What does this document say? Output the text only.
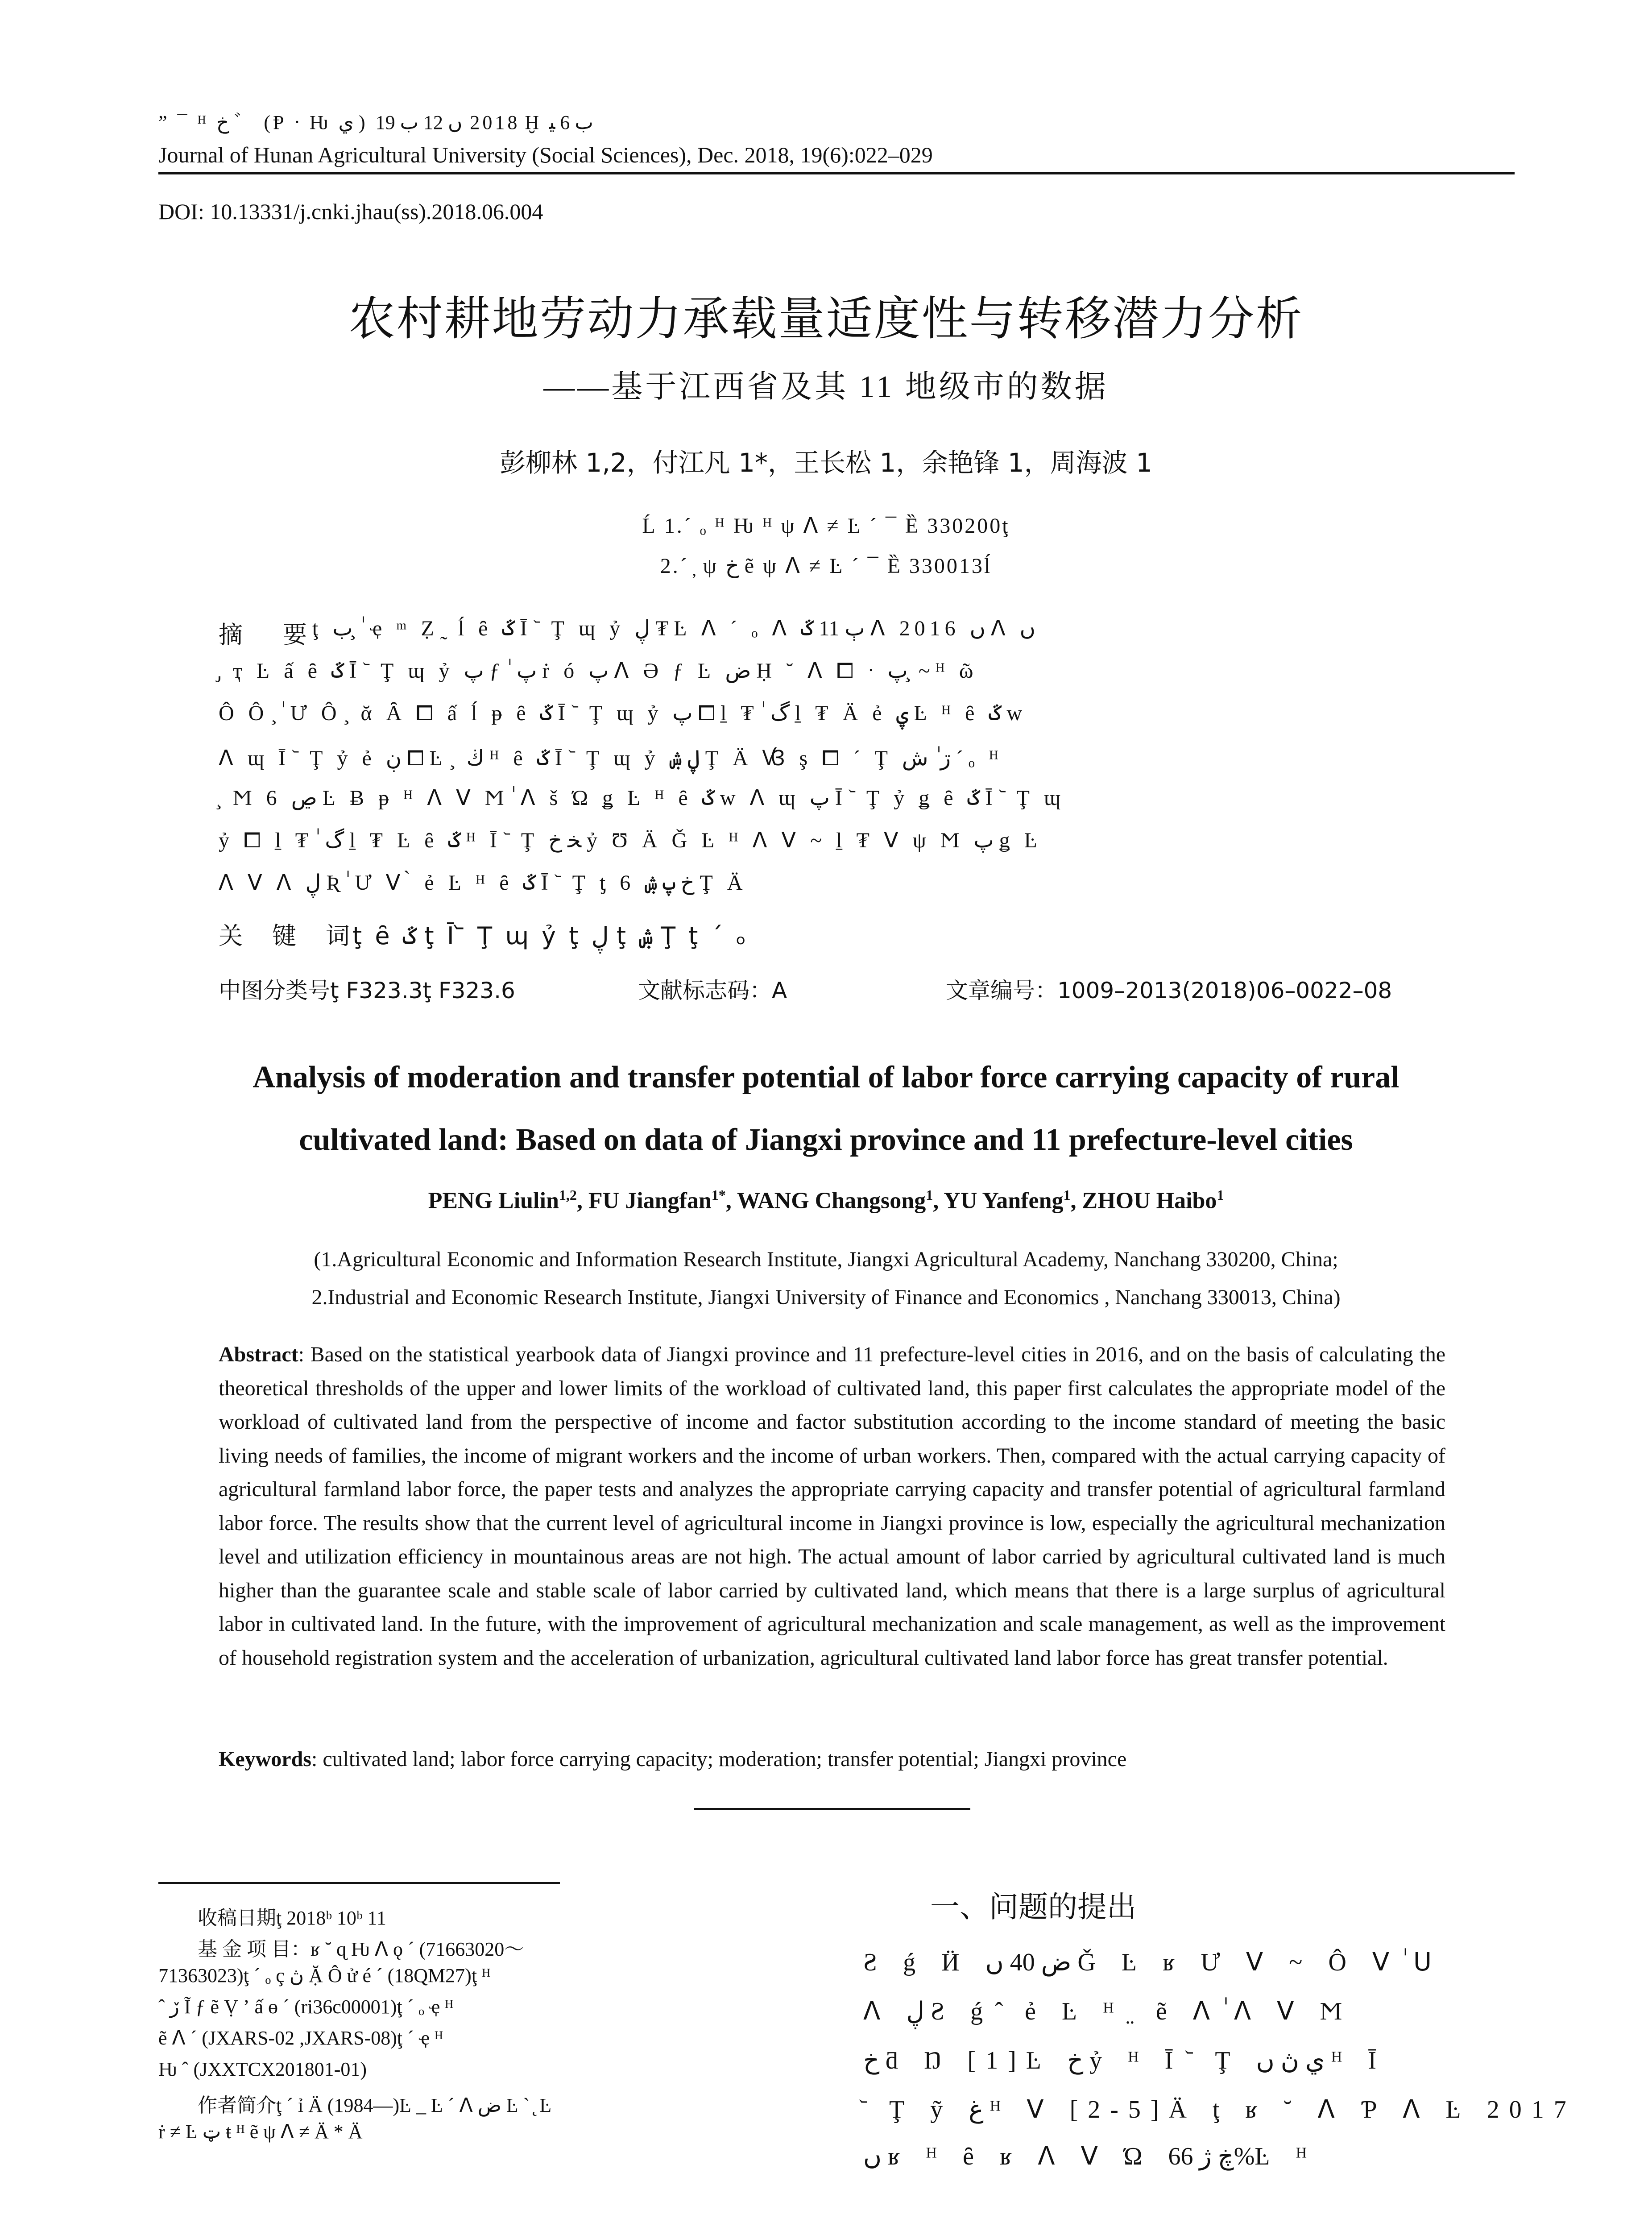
” ¯ ᴴ ﺥ ゛ (Ᵽ ᐧ Ƕ ي ) 2018 ں 12 ب 19 Ḫ ب 6 ﯿ
Journal of Hunan Agricultural University (Social Sciences), Dec. 2018, 19(6):022–029
DOI: 10.13331/j.cnki.jhau(ss).2018.06.004
农村耕地劳动力承载量适度性与转移潜力分析
——基于江西省及其 11 地级市的数据
彭柳林 1,2，付江凡 1*，王长松 1，余艳锋 1，周海波 1
Ĺ 1.´ ₒ ᴴ Ƕ ᴴ ψ ᐱ ≠ Ŀ ´ ¯ Ȅ 330200ţ
2.´ ̦ ψ ﺥ ẽ ψ ᐱ ≠ Ŀ ´ ¯ Ȅ 330013ĺ
摘　要
ţ ب ̧ ٰ ҿ ᵐ Ẓ ̰ ĺ ȇ ػ Ī ᷅ Ţ ɰ ỷ ڸ ₮ Ŀ ᐱ ´ ₒ ᐱ ٻ 11 ػ ᐱ 2016 ں ᐱ ں
̡ ҭ Ŀ ấ ȇ ػ Ī ᷅ Ţ ɰ ỷ پ ƒ ٰ پ ṙ ó پ ᐱ Ə ƒ Ŀ ض Ḥ ˘ ᐱ ⧠ ᐧ پ ̧ ~ ᴴ ῶ
Ô Ô ̧ ٰ Ư Ô ̧ ᾰ Ȃ ⧠ ấ ĺ ᵽ ȇ ػ Ī ᷅ Ţ ɰ ỷ پ ⧠ ḻ ₮ ٰ گ ḻ ₮ Ä ẻ ۑ Ŀ ᴴ ȇ ػ w
ᐱ ɰ Ī ᷅ Ţ ỷ ẻ ڹ ⧠ Ŀ ̧ ڬ ᴴ ȇ ػ Ī ᷅ Ţ ɰ ỷ ڸ ۺ Ţ Ä Ꟃ ş ⧠ ´ Ţ ڗ ٰ ش ´ ₒ ᴴ
̧ Ϻ 6 ڝ Ŀ Ƀ ᵽ ᴴ ᐱ ᐯ Ϻ ٰ ᐱ š Ώ ǥ Ŀ ᴴ ȇ ػ w ᐱ ɰ پ Ī ᷅ Ţ ỷ ǥ ȇ ػ Ī ᷅ Ţ ɰ
ỷ ⧠ ḻ ₮ ٰ گ ḻ ₮ Ŀ ȇ ػ ᴴ Ī ᷅ Ţ ﺨ ﺥ ỷ Ʊ Ä Ǧ Ŀ ᴴ ᐱ ᐯ ~ ḻ ₮ ᐯ ψ Ϻ پ ǥ Ŀ
ᐱ ᐯ ᐱ ڸ Ʀ ٰ Ư ᐯ ̀ ẻ Ŀ ᴴ ȇ ػ Ī ᷅ Ţ ƫ 6 ﺥ پ ۺ Ţ Ä
关　键　词ţ ȇ ػ ţ Ī ᷅ Ţ ɰ ỷ ţ ڸ ţ ۺ Ţ ţ ´ ₒ
中图分类号ţ F323.3ţ F323.6	文献标志码：A	文章编号：1009–2013(2018)06–0022–08
Analysis of moderation and transfer potential of labor force carrying capacity of rural
cultivated land: Based on data of Jiangxi province and 11 prefecture-level cities
PENG Liulin$^{1,2}$, FU Jiangfan$^{1*}$, WANG Changsong$^1$, YU Yanfeng$^1$, ZHOU Haibo$^1$
(1.Agricultural Economic and Information Research Institute, Jiangxi Agricultural Academy, Nanchang 330200, China;
2.Industrial and Economic Research Institute, Jiangxi University of Finance and Economics , Nanchang 330013, China)
Abstract: Based on the statistical yearbook data of Jiangxi province and 11 prefecture-level cities in 2016, and on the basis of calculating the theoretical thresholds of the upper and lower limits of the workload of cultivated land, this paper first calculates the appropriate model of the workload of cultivated land from the perspective of income and factor substitution according to the income standard of meeting the basic living needs of families, the income of migrant workers and the income of urban workers. Then, compared with the actual carrying capacity of agricultural farmland labor force, the paper tests and analyzes the appropriate carrying capacity and transfer potential of agricultural farmland labor force. The results show that the current level of agricultural income in Jiangxi province is low, especially the agricultural mechanization level and utilization efficiency in mountainous areas are not high. The actual amount of labor carried by agricultural cultivated land is much higher than the guarantee scale and stable scale of labor carried by cultivated land, which means that there is a large surplus of agricultural labor in cultivated land. In the future, with the improvement of agricultural mechanization and scale management, as well as the improvement of household registration system and the acceleration of urbanization, agricultural cultivated land labor force has great transfer potential.
Keywords: cultivated land; labor force carrying capacity; moderation; transfer potential; Jiangxi province
　　收稿日期ţ 2018ᵇ 10ᵇ 11
　　基 金 项 目：ʁ ˘ ɋ Ƕ ᐱ ǫ ´ (71663020～
71363023)ţ ´ ₒ ç ڽ Ặ Ô ử é ´ (18QM27)ţ ᴴ
ˆ ڒ Ĩ ƒ ẽ Ṿ ʼ ấ ɵ ´ (ri36c00001)ţ ´ ₒ ҿ ᴴ
ẽ ᐱ ´ (JXARS-02 ,JXARS-08)ţ ´ ҿ ᴴ
Ƕ ˆ (JXXTCX201801-01)
　　作者简介ţ ´ ỉ Ä (1984—)Ŀ _ Ŀ ´ ᐱ ض Ŀ ˋ ̨ Ŀ
ṙ ≠ Ŀ ټ ŧ ᴴ ẽ ψ ᐱ ≠ Ä * Ä
一、问题的提出
Ƨ ǵ Ӥ ض 40 ں Ǧ Ŀ ʁ Ư ᐯ ~ Ô ᐯ ٰ ᑌ
ᐱ ڸ Ƨ ǵ ̂ ẻ Ŀ ᴴ ̤ ẽ ᐱ ٰ ᐱ ᐯ Ϻ
ﺥ ƌ Ŋ [1]Ŀ ﺥ ỷ ᴴ Ī ᷅ Ţ ي ڽ ں ᴴ Ī
᷅ Ţ ỹ ﻍ ᴴ ᐯ [2-5]Ä ţ ʁ ˘ ᐱ Ƥ ᐱ Ŀ 2017
ں ʁ ᴴ ȇ ʁ ᐱ ᐯ Ώ ڿ ژ 66%Ŀ ᴴ
